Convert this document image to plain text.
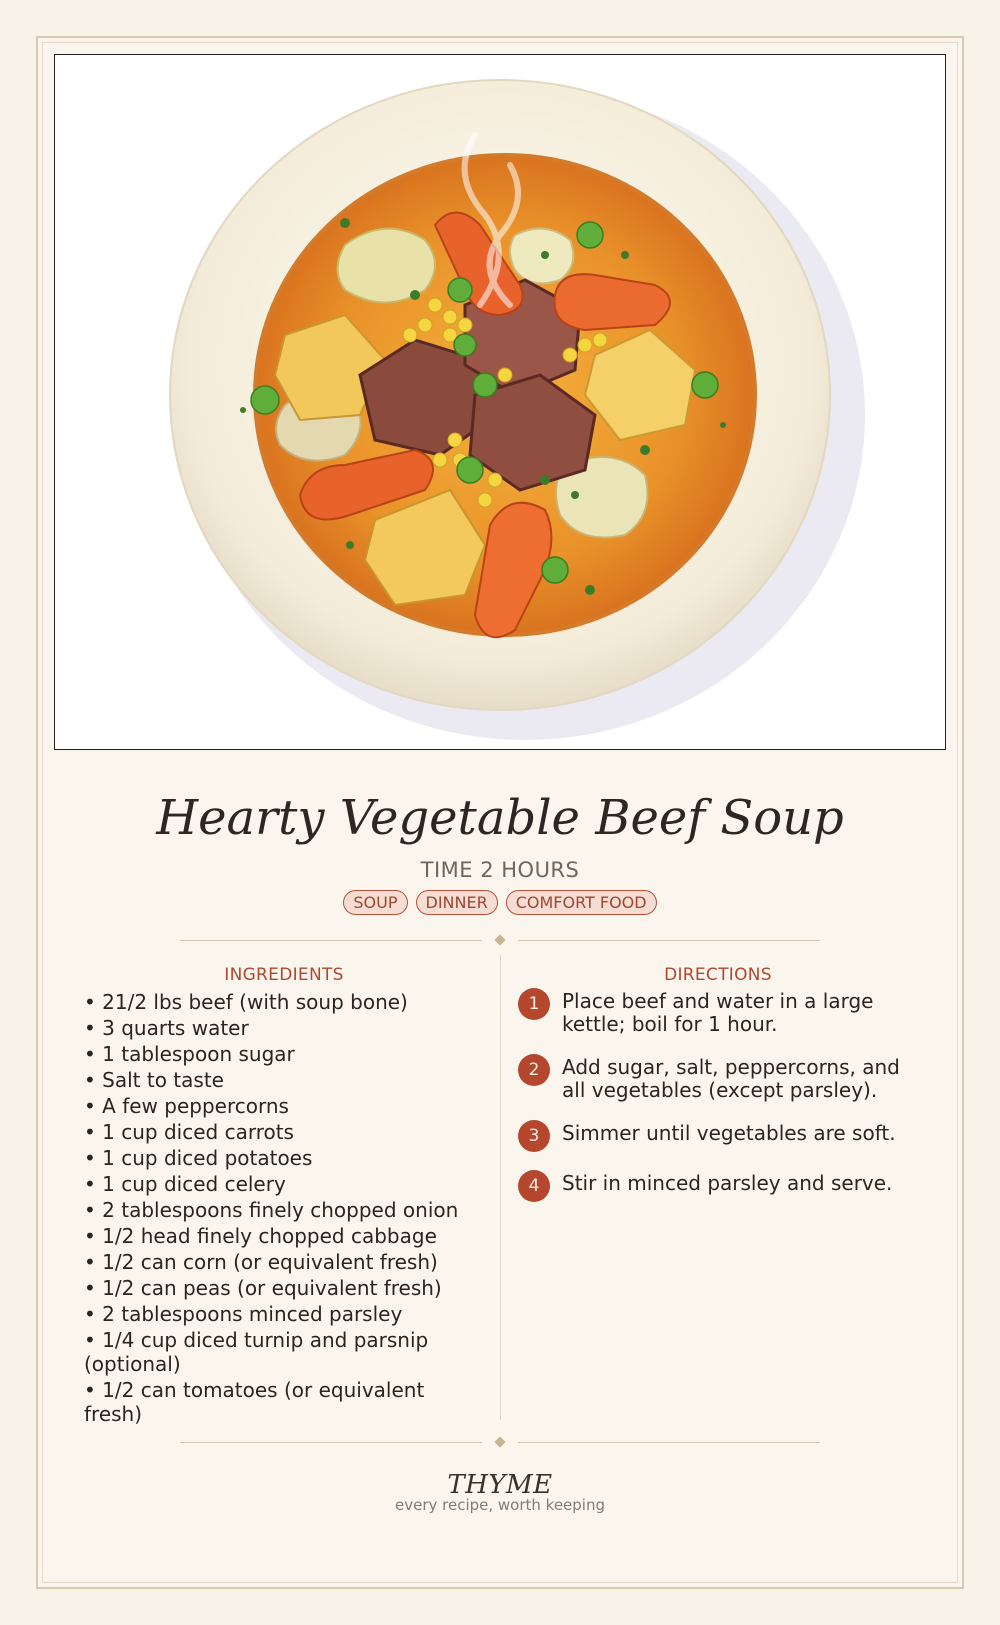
Hearty Vegetable Beef Soup
TIME 2 HOURS
SOUP	DINNER	COMFORT FOOD
INGREDIENTS
• 21/2 lbs beef (with soup bone)
• 3 quarts water
• 1 tablespoon sugar
• Salt to taste
• A few peppercorns
• 1 cup diced carrots
• 1 cup diced potatoes
• 1 cup diced celery
• 2 tablespoons finely chopped onion
• 1/2 head finely chopped cabbage
• 1/2 can corn (or equivalent fresh)
• 1/2 can peas (or equivalent fresh)
• 2 tablespoons minced parsley
• 1/4 cup diced turnip and parsnip (optional)
• 1/2 can tomatoes (or equivalent fresh)
DIRECTIONS
1	Place beef and water in a large kettle; boil for 1 hour.
2	Add sugar, salt, peppercorns, and all vegetables (except parsley).
3	Simmer until vegetables are soft.
4	Stir in minced parsley and serve.
THYME
every recipe, worth keeping
